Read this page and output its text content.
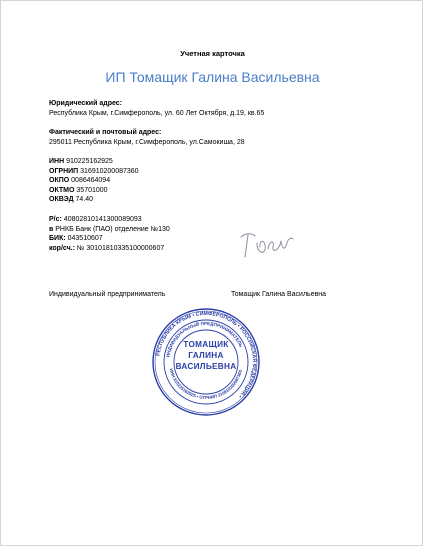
Учетная карточка
ИП Томащик Галина Васильевна
Юридический адрес:
Республика Крым, г.Симферополь, ул. 60 Лет Октября, д.19, кв.65
Фактический и почтовый адрес:
295011 Республика Крым, г.Симферополь, ул.Самокиша, 28
ИНН 910225162925
ОГРНИП 316910200087360
ОКПО 0086464094
ОКТМО 35701000
ОКВЭД 74.40
Р/с: 40802810141300089093
в РНКБ Банк (ПАО) отделение №130
БИК: 043510607
кор/сч.: № 30101810335100000607
Индивидуальный предприниматель	Томащик Галина Васильевна
РЕСПУБЛИКА КРЫМ • СИМФЕРОПОЛЬ • РОССИЙСКАЯ ФЕДЕРАЦИЯ •
ИНДИВИДУАЛЬНЫЙ ПРЕДПРИНИМАТЕЛЬ
ИНН 910225162925 • ОГРНИП 316910200087360
ТОМАЩИК
ГАЛИНА
ВАСИЛЬЕВНА
